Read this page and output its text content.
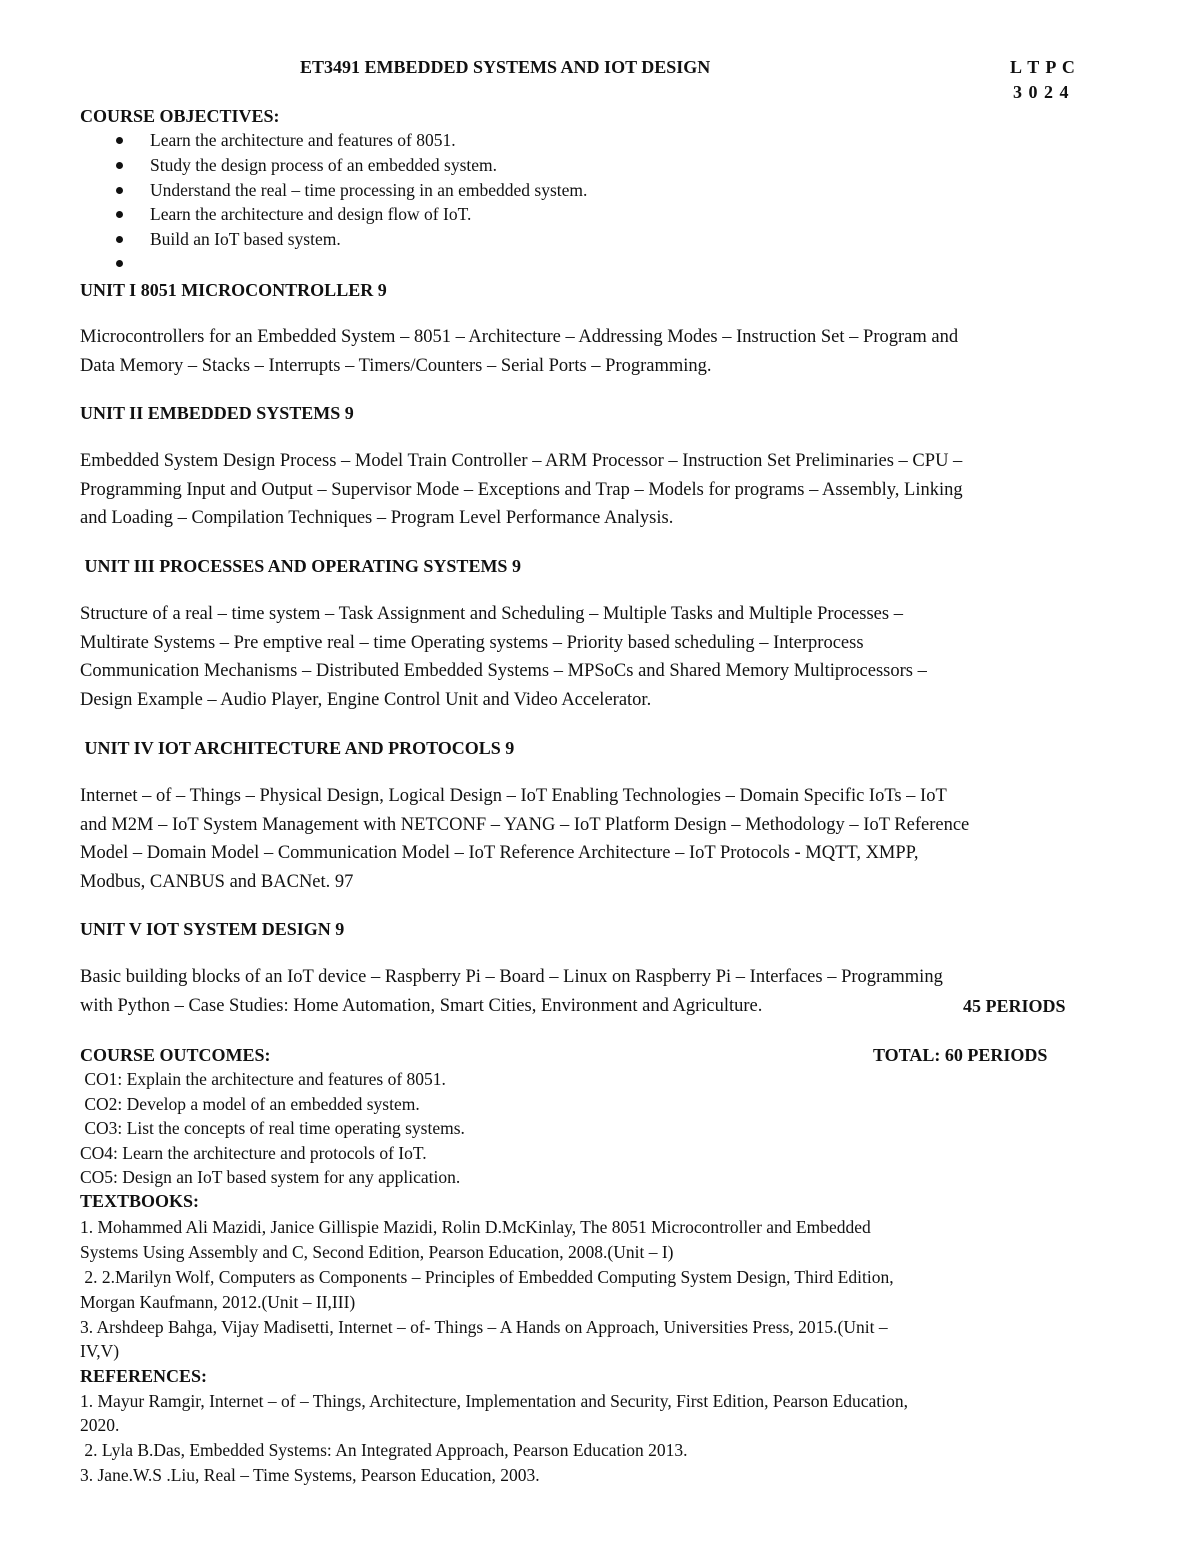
ET3491 EMBEDDED SYSTEMS AND IOT DESIGN	L T P C
3 0 2 4
COURSE OBJECTIVES:
Learn the architecture and features of 8051.
Study the design process of an embedded system.
Understand the real – time processing in an embedded system.
Learn the architecture and design flow of IoT.
Build an IoT based system.
UNIT I 8051 MICROCONTROLLER 9
Microcontrollers for an Embedded System – 8051 – Architecture – Addressing Modes – Instruction Set – Program and
Data Memory – Stacks – Interrupts – Timers/Counters – Serial Ports – Programming.
UNIT II EMBEDDED SYSTEMS 9
Embedded System Design Process – Model Train Controller – ARM Processor – Instruction Set Preliminaries – CPU –
Programming Input and Output – Supervisor Mode – Exceptions and Trap – Models for programs – Assembly, Linking
and Loading – Compilation Techniques – Program Level Performance Analysis.
UNIT III PROCESSES AND OPERATING SYSTEMS 9
Structure of a real – time system – Task Assignment and Scheduling – Multiple Tasks and Multiple Processes –
Multirate Systems – Pre emptive real – time Operating systems – Priority based scheduling – Interprocess
Communication Mechanisms – Distributed Embedded Systems – MPSoCs and Shared Memory Multiprocessors –
Design Example – Audio Player, Engine Control Unit and Video Accelerator.
UNIT IV IOT ARCHITECTURE AND PROTOCOLS 9
Internet – of – Things – Physical Design, Logical Design – IoT Enabling Technologies – Domain Specific IoTs – IoT
and M2M – IoT System Management with NETCONF – YANG – IoT Platform Design – Methodology – IoT Reference
Model – Domain Model – Communication Model – IoT Reference Architecture – IoT Protocols - MQTT, XMPP,
Modbus, CANBUS and BACNet. 97
UNIT V IOT SYSTEM DESIGN 9
Basic building blocks of an IoT device – Raspberry Pi – Board – Linux on Raspberry Pi – Interfaces – Programming
with Python – Case Studies: Home Automation, Smart Cities, Environment and Agriculture.	45 PERIODS
COURSE OUTCOMES:	TOTAL: 60 PERIODS
CO1: Explain the architecture and features of 8051.
CO2: Develop a model of an embedded system.
CO3: List the concepts of real time operating systems.
CO4: Learn the architecture and protocols of IoT.
CO5: Design an IoT based system for any application.
TEXTBOOKS:
1. Mohammed Ali Mazidi, Janice Gillispie Mazidi, Rolin D.McKinlay, The 8051 Microcontroller and Embedded
Systems Using Assembly and C, Second Edition, Pearson Education, 2008.(Unit – I)
2. 2.Marilyn Wolf, Computers as Components – Principles of Embedded Computing System Design, Third Edition,
Morgan Kaufmann, 2012.(Unit – II,III)
3. Arshdeep Bahga, Vijay Madisetti, Internet – of- Things – A Hands on Approach, Universities Press, 2015.(Unit –
IV,V)
REFERENCES:
1. Mayur Ramgir, Internet – of – Things, Architecture, Implementation and Security, First Edition, Pearson Education,
2020.
2. Lyla B.Das, Embedded Systems: An Integrated Approach, Pearson Education 2013.
3. Jane.W.S .Liu, Real – Time Systems, Pearson Education, 2003.
